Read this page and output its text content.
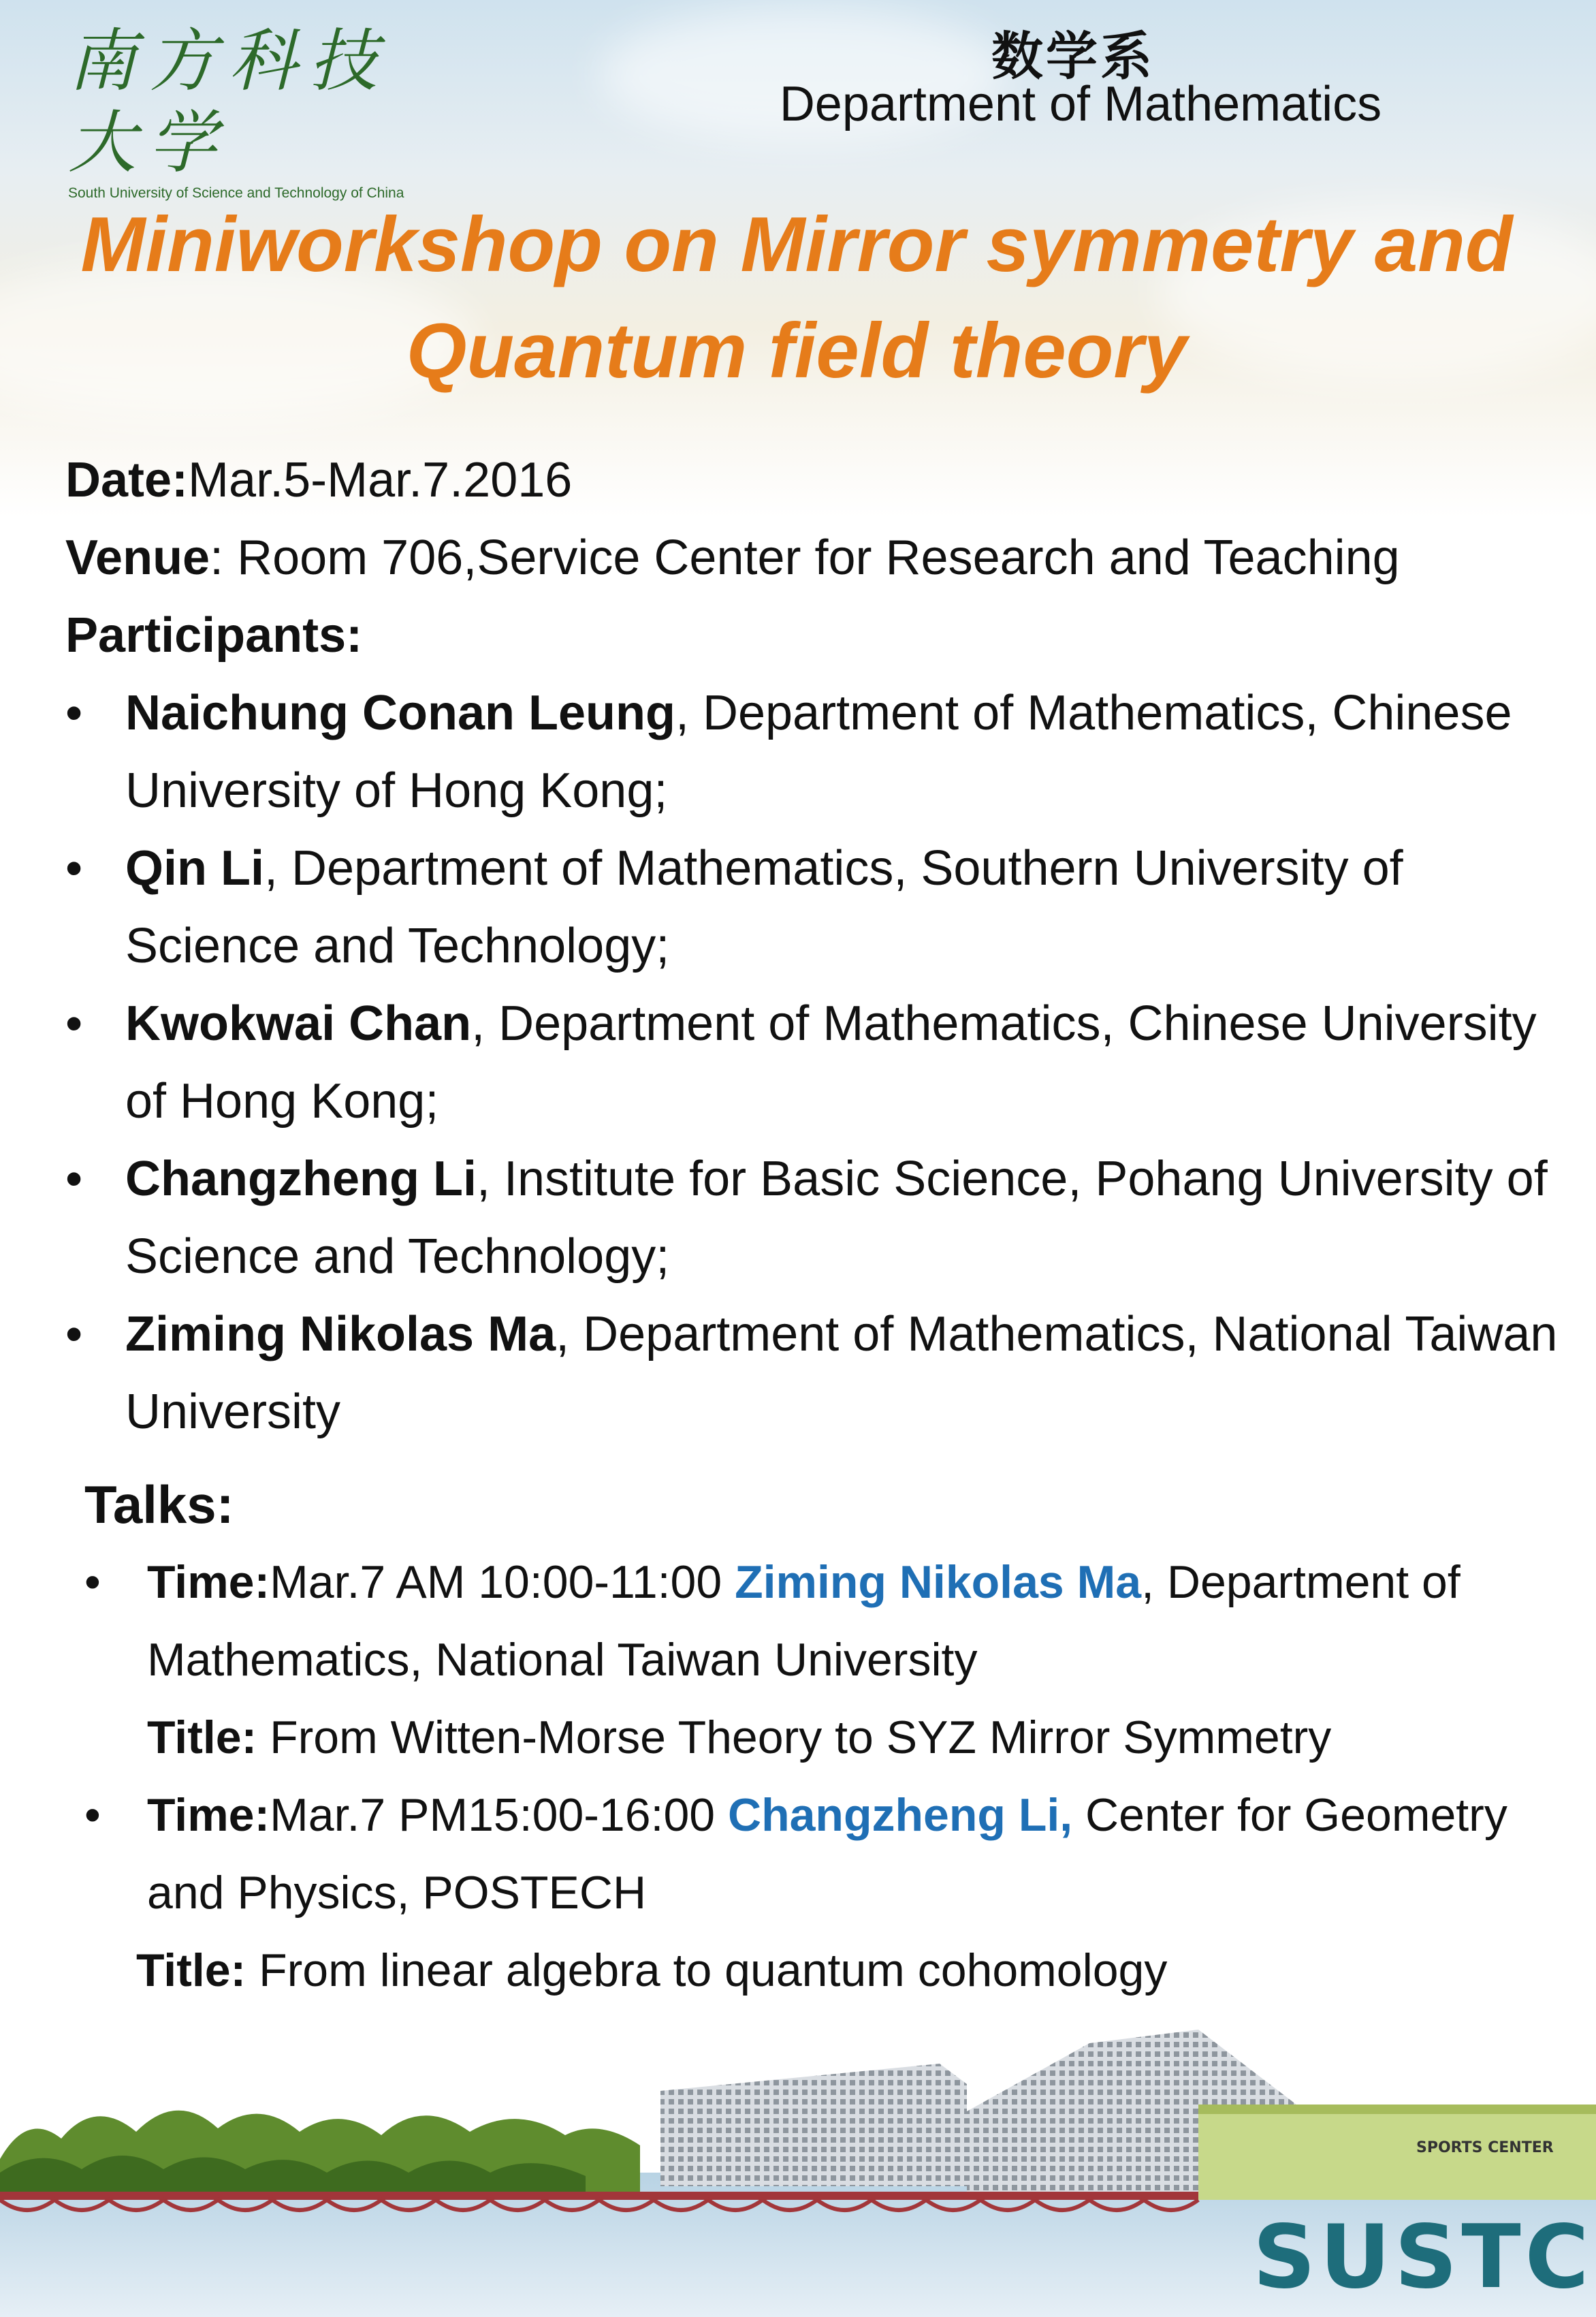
南方科技大学
South University of Science and Technology of China
数学系
Department of Mathematics
Miniworkshop on Mirror symmetry and
Quantum field theory
Date:Mar.5-Mar.7.2016
Venue: Room 706,Service Center for Research and Teaching
Participants:
• Naichung Conan Leung, Department of Mathematics, Chinese University of Hong Kong;
• Qin Li, Department of Mathematics, Southern University of Science and Technology;
• Kwokwai Chan, Department of Mathematics, Chinese University of Hong Kong;
• Changzheng Li, Institute for Basic Science, Pohang University of Science and Technology;
• Ziming Nikolas Ma, Department of Mathematics, National Taiwan University
Talks:
• Time:Mar.7 AM 10:00-11:00 Ziming Nikolas Ma, Department of Mathematics, National Taiwan University
Title: From Witten-Morse Theory to SYZ Mirror Symmetry
• Time:Mar.7 PM15:00-16:00 Changzheng Li, Center for Geometry and Physics, POSTECH
Title: From linear algebra to quantum cohomology
SPORTS CENTER
SUSTC
